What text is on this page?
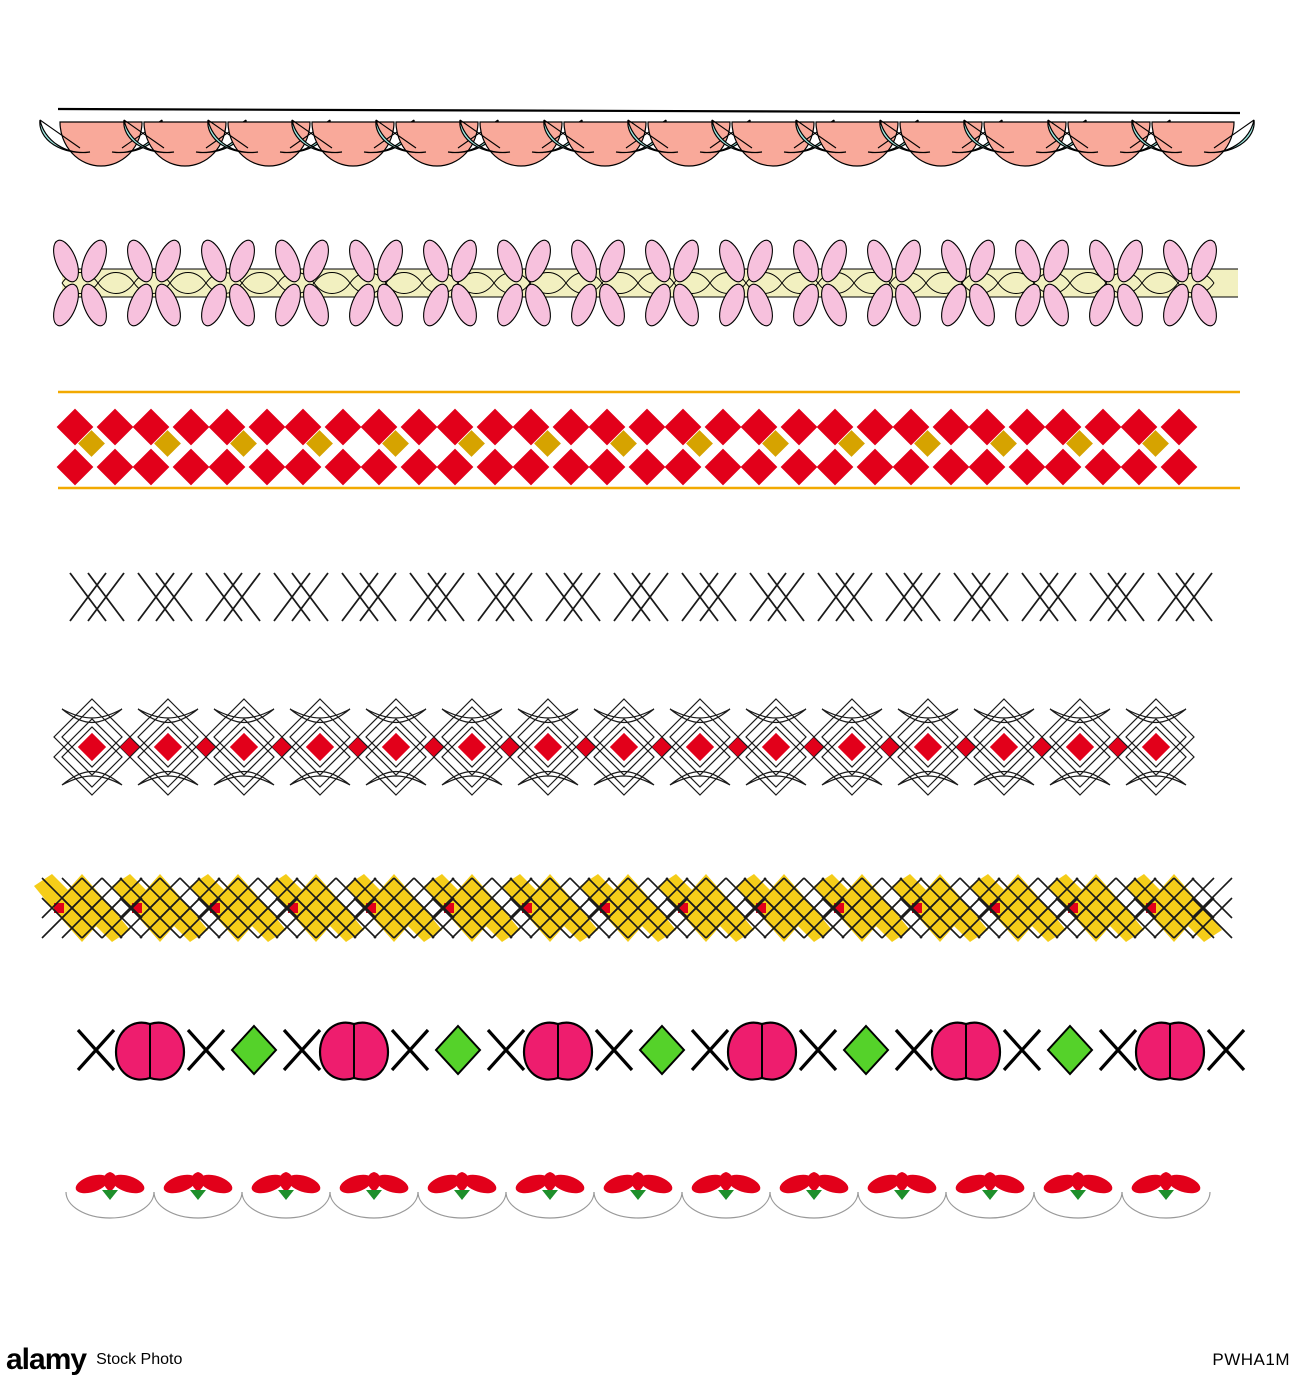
alamy Stock Photo	PWHA1M
